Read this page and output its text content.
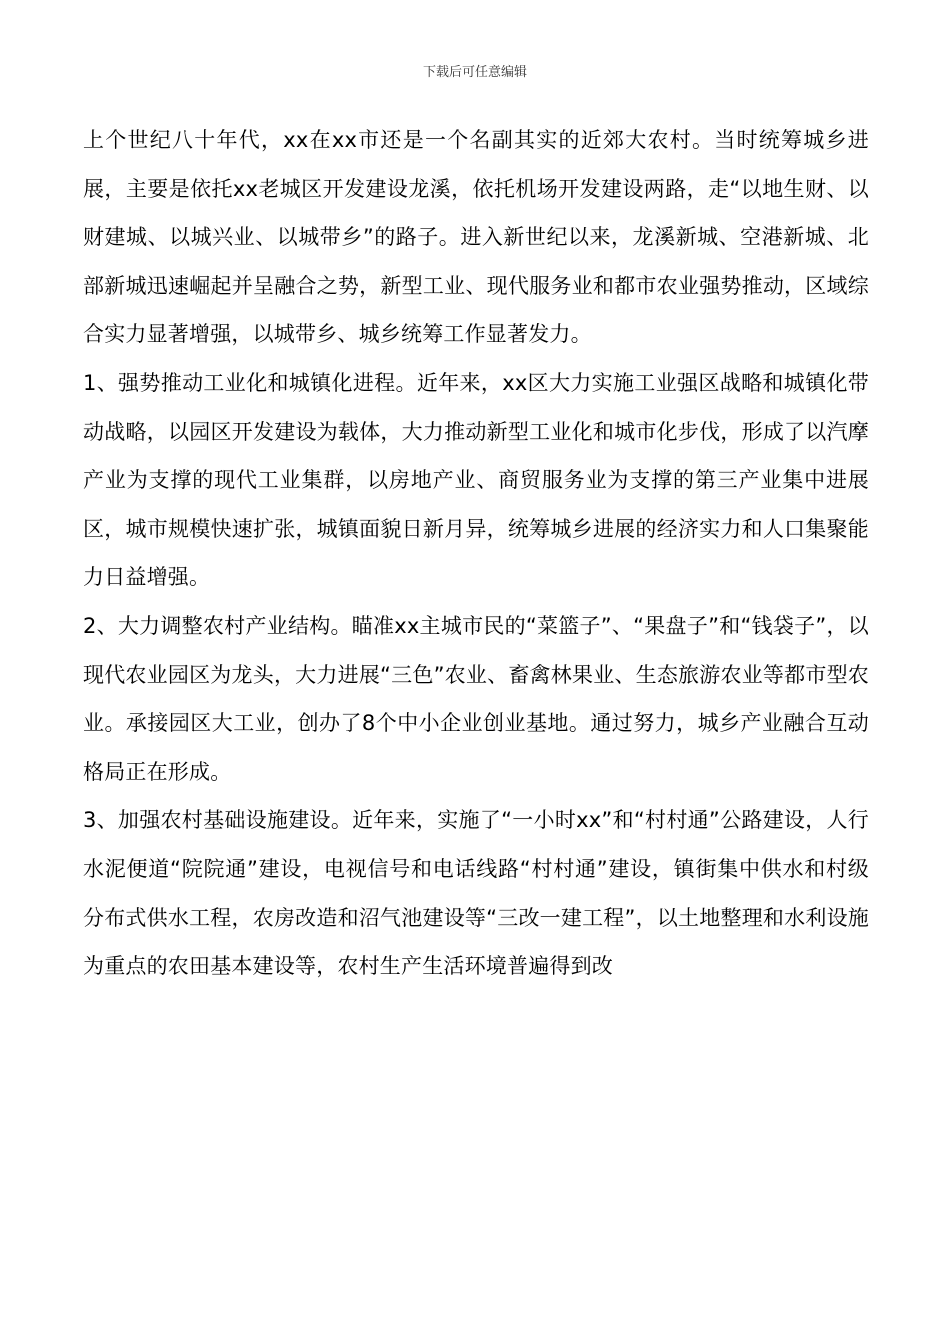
下载后可任意编辑

上个世纪八十年代，xx在xx市还是一个名副其实的近郊大农村。当时统筹城乡进展，主要是依托xx老城区开发建设龙溪，依托机场开发建设两路，走“以地生财、以财建城、以城兴业、以城带乡”的路子。进入新世纪以来，龙溪新城、空港新城、北部新城迅速崛起并呈融合之势，新型工业、现代服务业和都市农业强势推动，区域综合实力显著增强，以城带乡、城乡统筹工作显著发力。

1、强势推动工业化和城镇化进程。近年来，xx区大力实施工业强区战略和城镇化带动战略，以园区开发建设为载体，大力推动新型工业化和城市化步伐，形成了以汽摩产业为支撑的现代工业集群，以房地产业、商贸服务业为支撑的第三产业集中进展区，城市规模快速扩张，城镇面貌日新月异，统筹城乡进展的经济实力和人口集聚能力日益增强。

2、大力调整农村产业结构。瞄准xx主城市民的“菜篮子”、“果盘子”和“钱袋子”，以现代农业园区为龙头，大力进展“三色”农业、畜禽林果业、生态旅游农业等都市型农业。承接园区大工业，创办了8个中小企业创业基地。通过努力，城乡产业融合互动格局正在形成。

3、加强农村基础设施建设。近年来，实施了“一小时xx”和“村村通”公路建设，人行水泥便道“院院通”建设，电视信号和电话线路“村村通”建设，镇街集中供水和村级分布式供水工程，农房改造和沼气池建设等“三改一建工程”，以土地整理和水利设施为重点的农田基本建设等，农村生产生活环境普遍得到改
